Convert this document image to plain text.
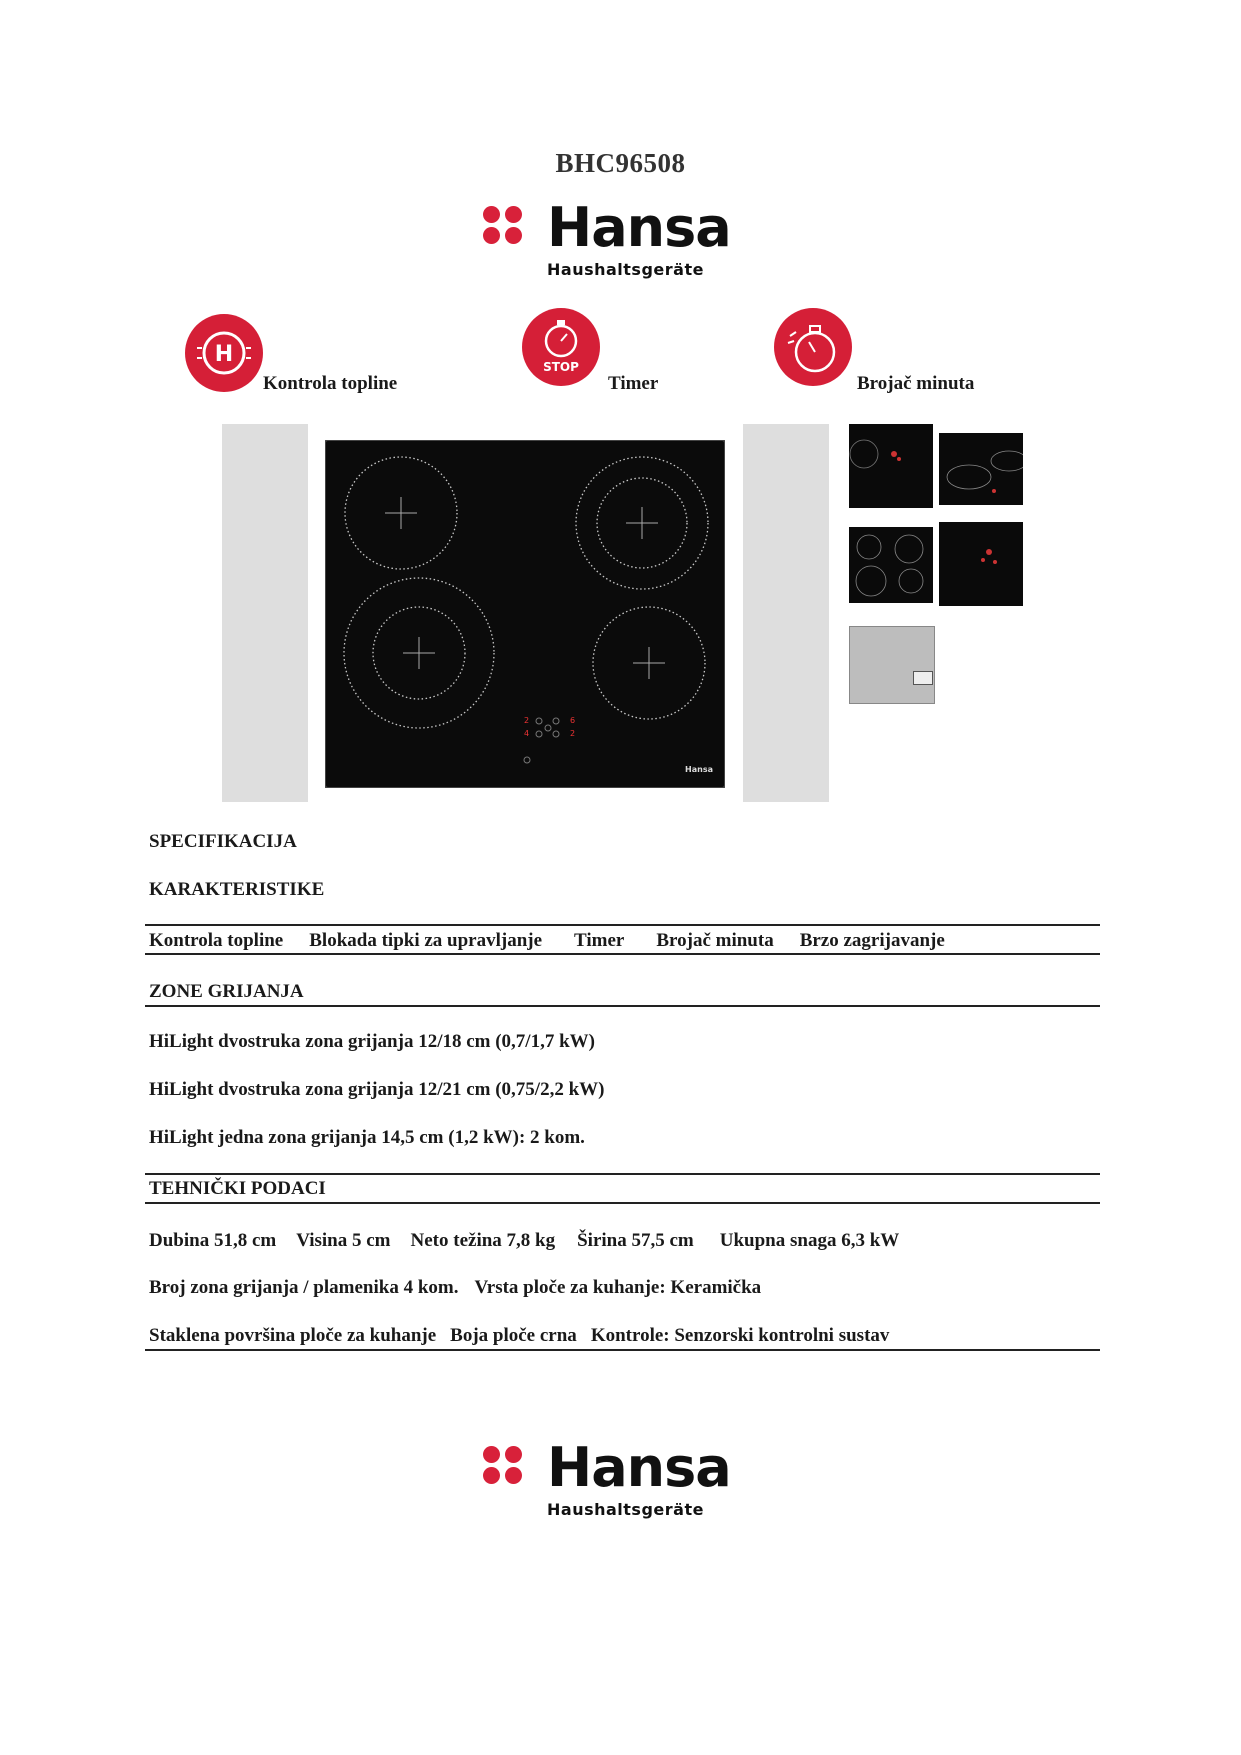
BHC96508
Hansa
Haushaltsgeräte
H
Kontrola topline
STOP
Timer	Brojač minuta
2
4
6
2
Hansa
SPECIFIKACIJA
KARAKTERISTIKE
Kontrola topline Blokada tipki za upravljanje Timer Brojač minuta Brzo zagrijavanje
ZONE GRIJANJA
HiLight dvostruka zona grijanja 12/18 cm (0,7/1,7 kW)
HiLight dvostruka zona grijanja 12/21 cm (0,75/2,2 kW)
HiLight jedna zona grijanja 14,5 cm (1,2 kW): 2 kom.
TEHNIČKI PODACI
Dubina 51,8 cm Visina 5 cm Neto težina 7,8 kg Širina 57,5 cm Ukupna snaga 6,3 kW
Broj zona grijanja / plamenika 4 kom. Vrsta ploče za kuhanje: Keramička
Staklena površina ploče za kuhanje Boja ploče crna Kontrole: Senzorski kontrolni sustav
Hansa
Haushaltsgeräte
